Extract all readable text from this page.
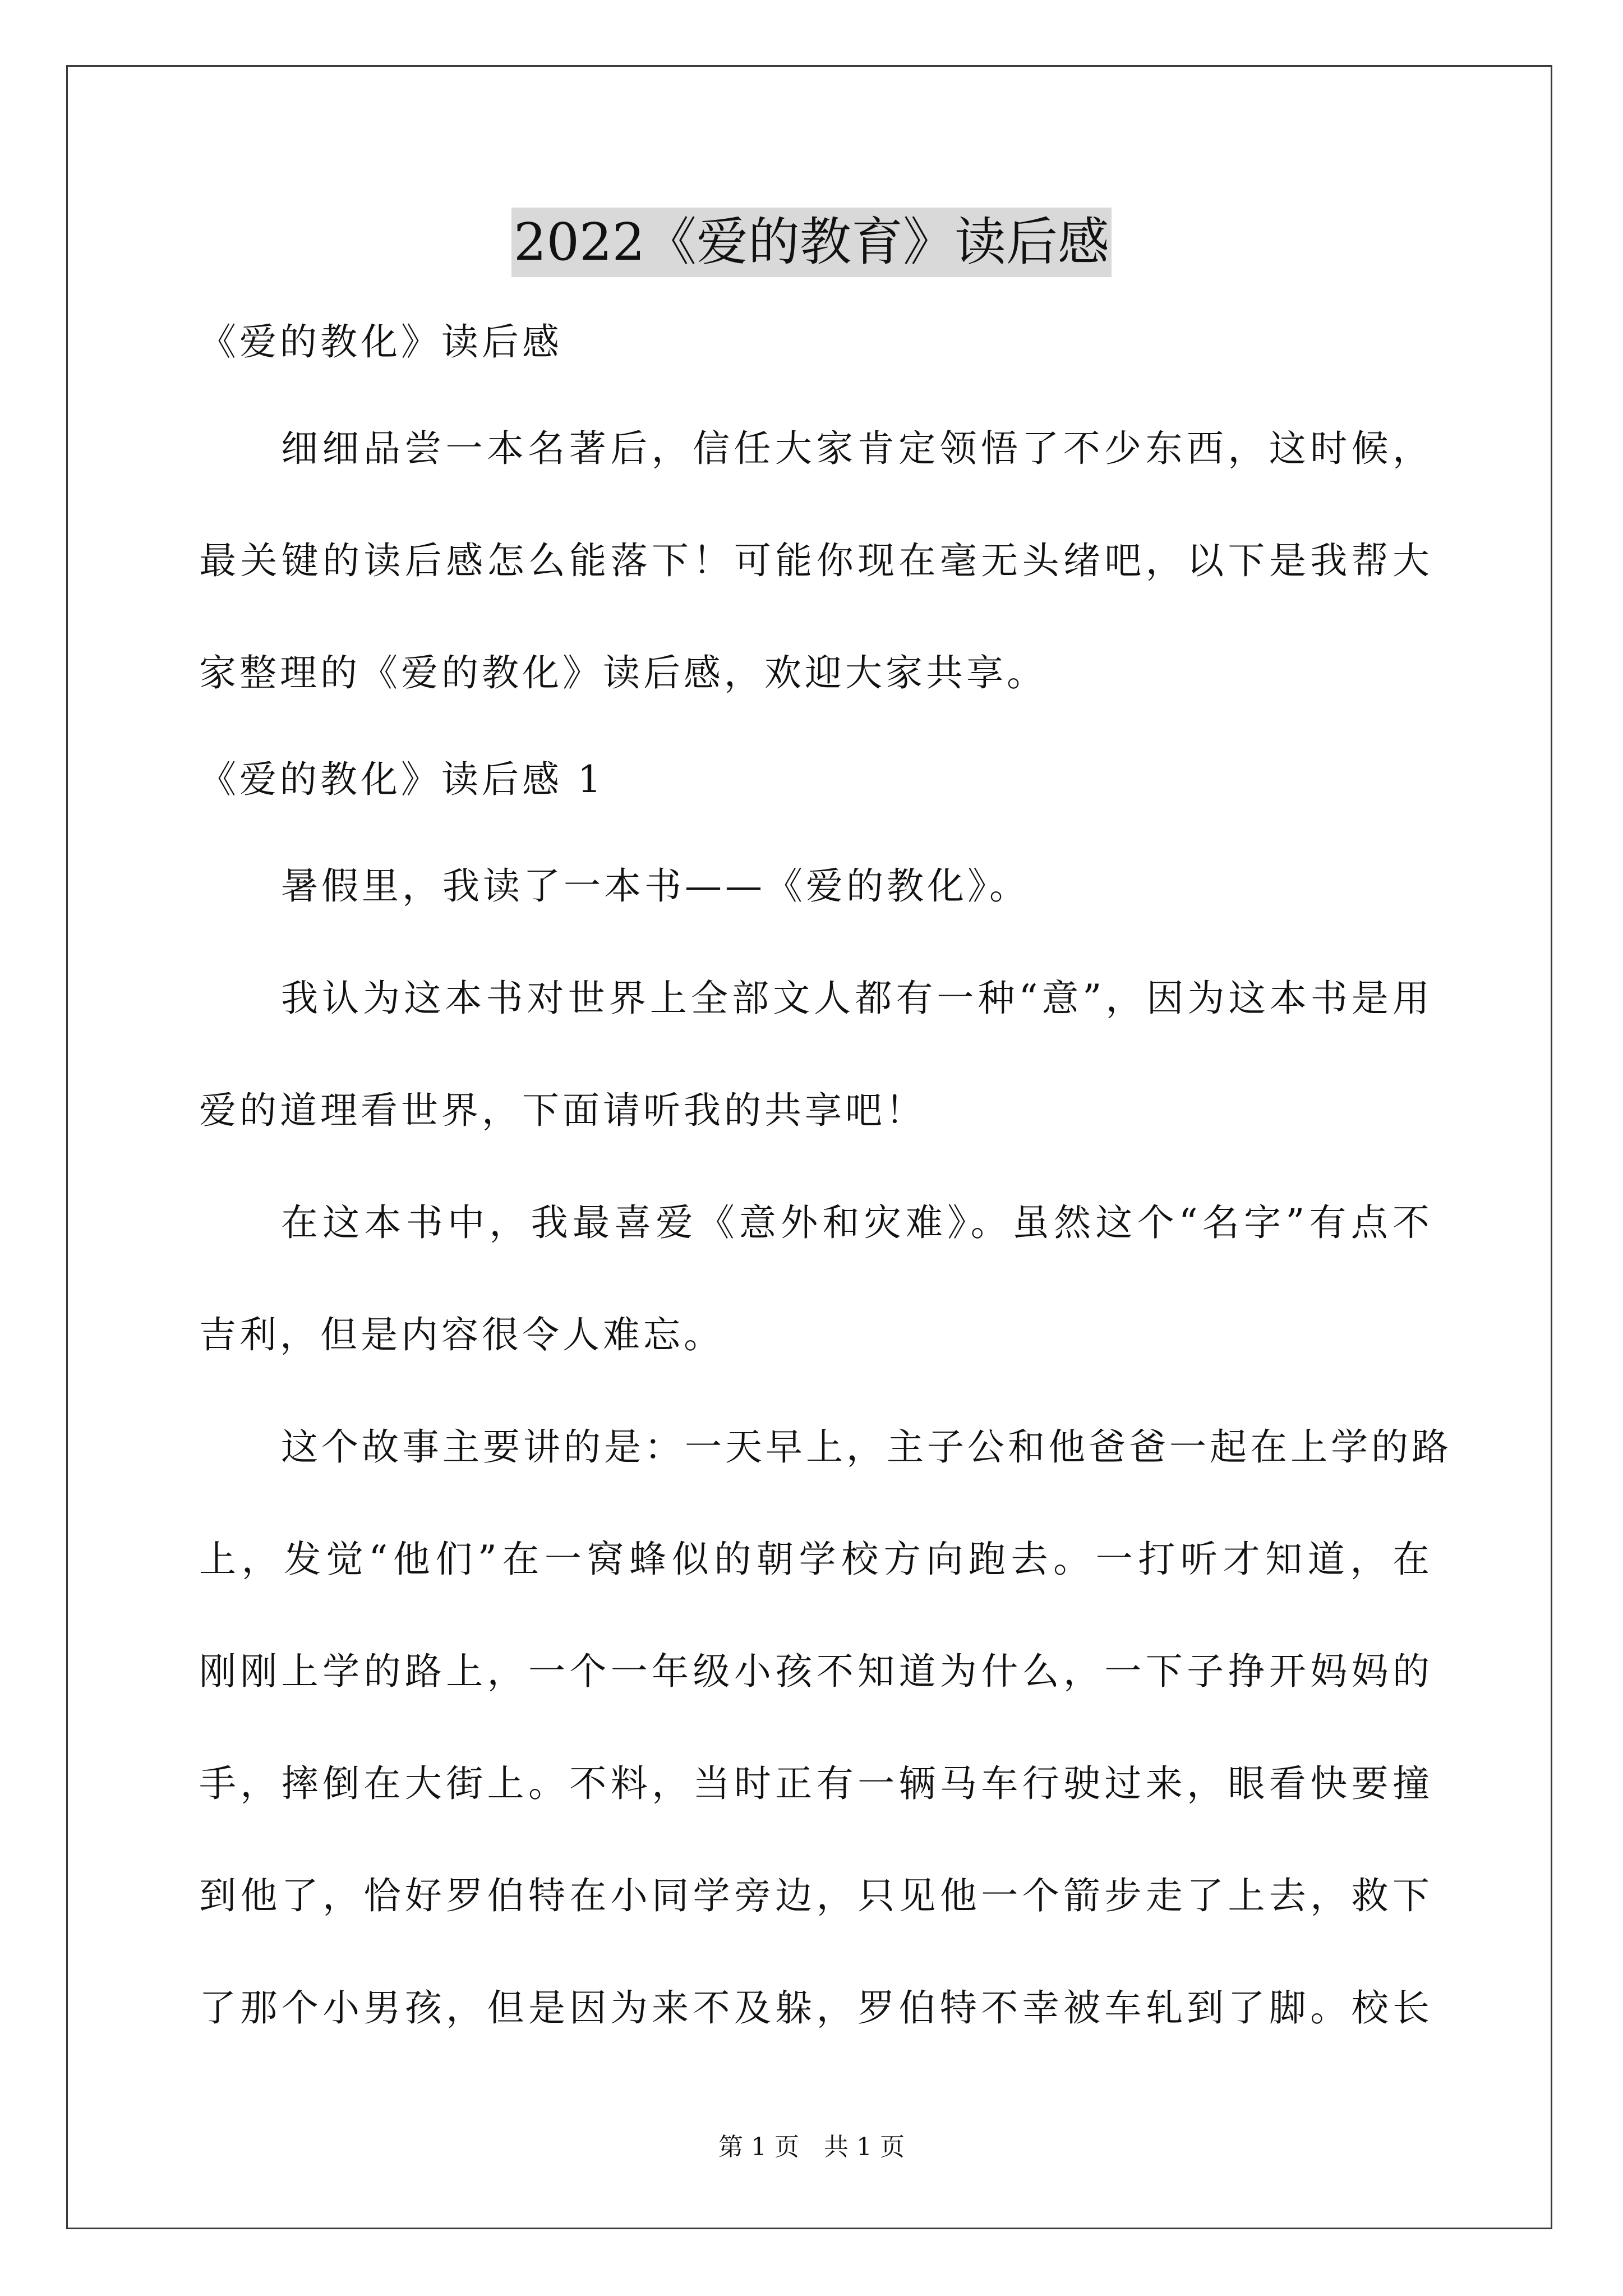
2022《爱的教育》读后感
《爱的教化》读后感
细细品尝一本名著后，信任大家肯定领悟了不少东西，这时候，
最关键的读后感怎么能落下！可能你现在毫无头绪吧，以下是我帮大
家整理的《爱的教化》读后感，欢迎大家共享。
《爱的教化》读后感 1
暑假里，我读了一本书——《爱的教化》。
我认为这本书对世界上全部文人都有一种“意”，因为这本书是用
爱的道理看世界，下面请听我的共享吧！
在这本书中，我最喜爱《意外和灾难》。虽然这个“名字”有点不
吉利，但是内容很令人难忘。
这个故事主要讲的是：一天早上，主子公和他爸爸一起在上学的路
上，发觉“他们”在一窝蜂似的朝学校方向跑去。一打听才知道，在
刚刚上学的路上，一个一年级小孩不知道为什么，一下子挣开妈妈的
手，摔倒在大街上。不料，当时正有一辆马车行驶过来，眼看快要撞
到他了，恰好罗伯特在小同学旁边，只见他一个箭步走了上去，救下
了那个小男孩，但是因为来不及躲，罗伯特不幸被车轧到了脚。校长
第 1 页　共 1 页
